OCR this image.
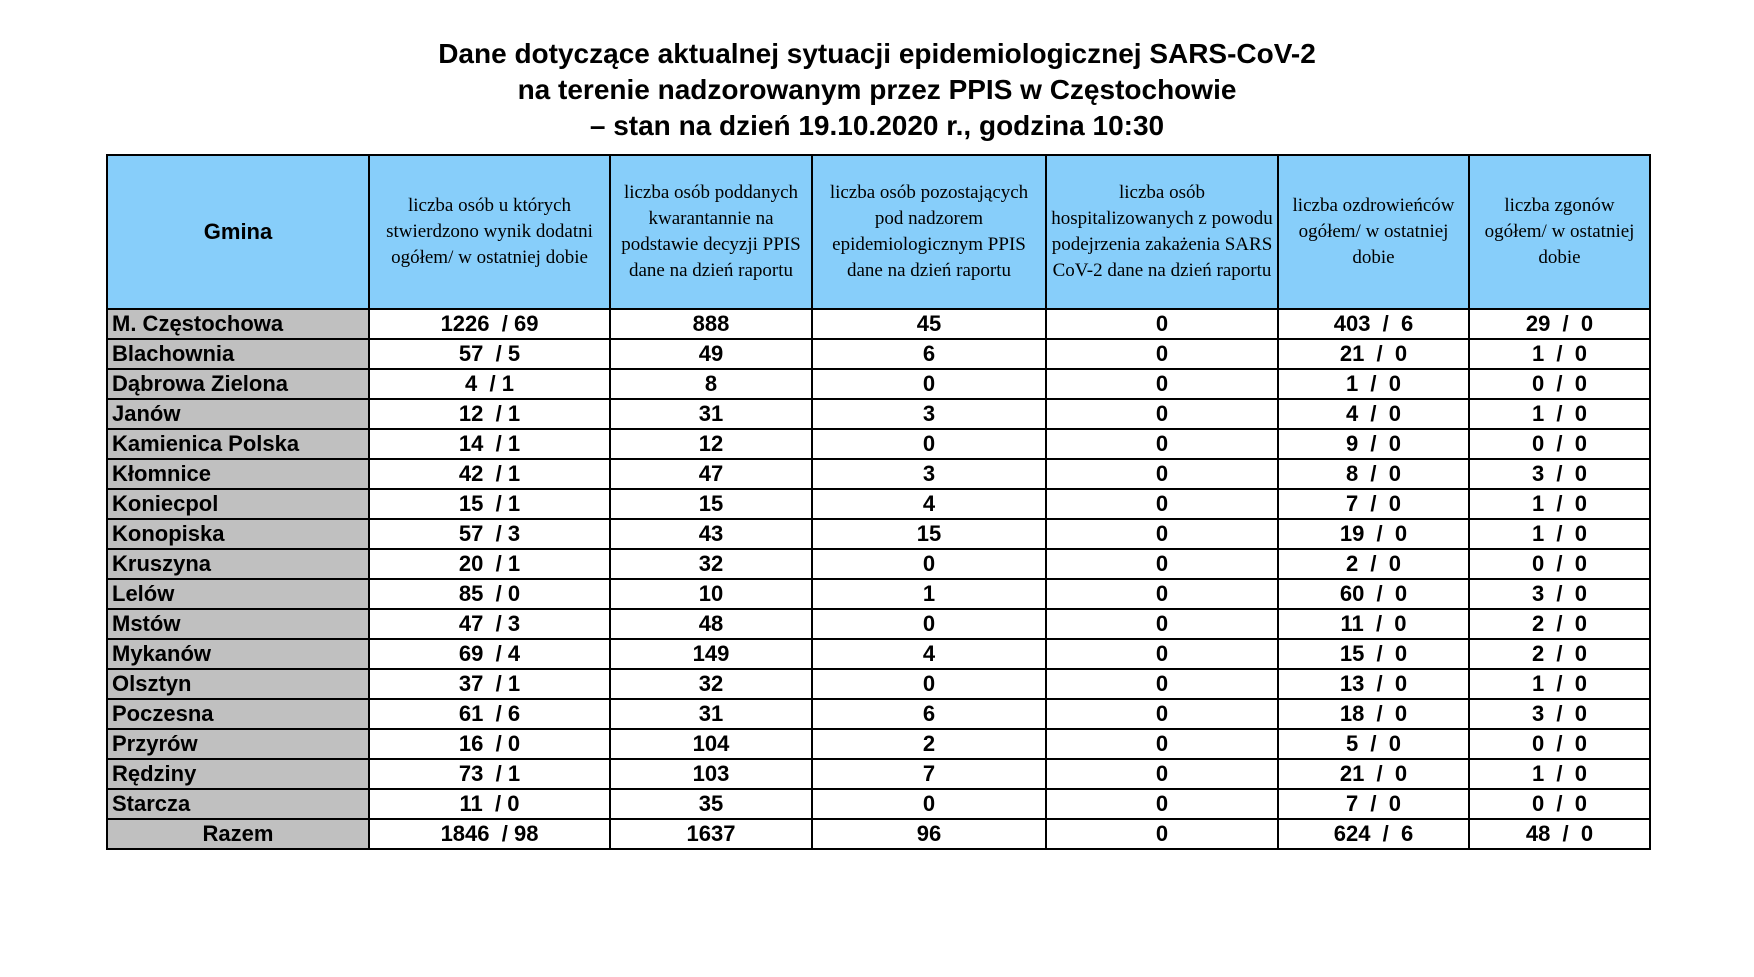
Dane dotyczące aktualnej sytuacji epidemiologicznej SARS-CoV-2
na terenie nadzorowanym przez PPIS w Częstochowie
– stan na dzień 19.10.2020 r., godzina 10:30
Gmina	liczba osób u których stwierdzono wynik dodatni ogółem/ w ostatniej dobie	liczba osób poddanych kwarantannie na podstawie decyzji PPIS dane na dzień raportu	liczba osób pozostających pod nadzorem epidemiologicznym PPIS dane na dzień raportu	liczba osób hospitalizowanych z powodu podejrzenia zakażenia SARS CoV-2 dane na dzień raportu	liczba ozdrowieńców ogółem/ w ostatniej dobie	liczba zgonów ogółem/ w ostatniej dobie
M. Częstochowa	1226  / 69	888	45	0	403  /  6	29  /  0
Blachownia	57  / 5	49	6	0	21  /  0	1  /  0
Dąbrowa Zielona	4  / 1	8	0	0	1  /  0	0  /  0
Janów	12  / 1	31	3	0	4  /  0	1  /  0
Kamienica Polska	14  / 1	12	0	0	9  /  0	0  /  0
Kłomnice	42  / 1	47	3	0	8  /  0	3  /  0
Koniecpol	15  / 1	15	4	0	7  /  0	1  /  0
Konopiska	57  / 3	43	15	0	19  /  0	1  /  0
Kruszyna	20  / 1	32	0	0	2  /  0	0  /  0
Lelów	85  / 0	10	1	0	60  /  0	3  /  0
Mstów	47  / 3	48	0	0	11  /  0	2  /  0
Mykanów	69  / 4	149	4	0	15  /  0	2  /  0
Olsztyn	37  / 1	32	0	0	13  /  0	1  /  0
Poczesna	61  / 6	31	6	0	18  /  0	3  /  0
Przyrów	16  / 0	104	2	0	5  /  0	0  /  0
Rędziny	73  / 1	103	7	0	21  /  0	1  /  0
Starcza	11  / 0	35	0	0	7  /  0	0  /  0
Razem	1846  / 98	1637	96	0	624  /  6	48  /  0
